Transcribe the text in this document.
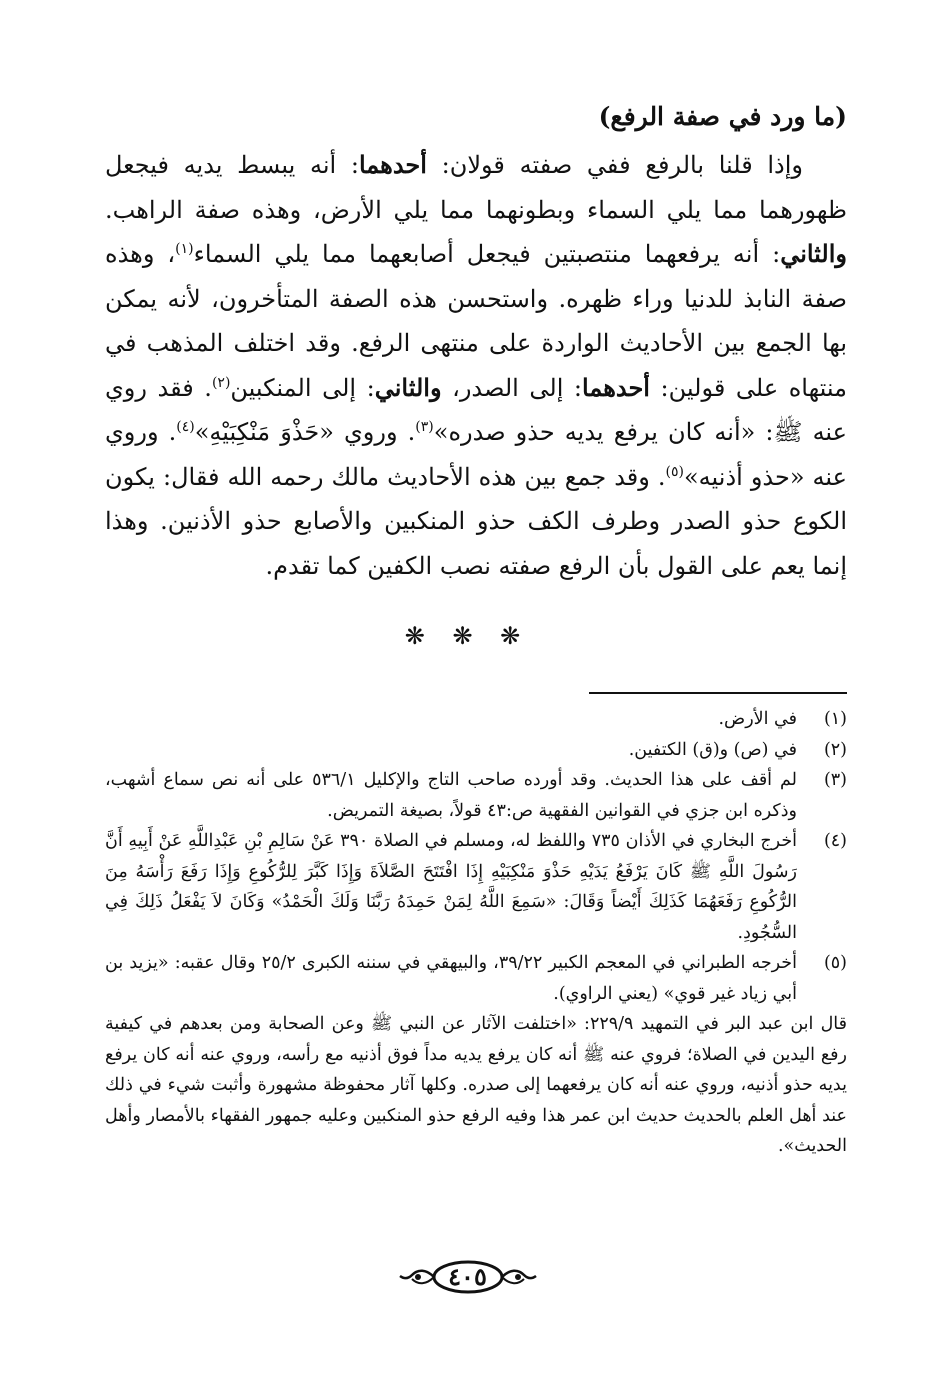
(ما ورد في صفة الرفع)

وإذا قلنا بالرفع ففي صفته قولان: أحدهما: أنه يبسط يديه فيجعل ظهورهما مما يلي السماء وبطونهما مما يلي الأرض، وهذه صفة الراهب. والثاني: أنه يرفعهما منتصبتين فيجعل أصابعهما مما يلي السماء$^{(١)}$، وهذه صفة النابذ للدنيا وراء ظهره. واستحسن هذه الصفة المتأخرون، لأنه يمكن بها الجمع بين الأحاديث الواردة على منتهى الرفع. وقد اختلف المذهب في منتهاه على قولين: أحدهما: إلى الصدر، والثاني: إلى المنكبين$^{(٢)}$. فقد روي عنه ﷺ: «أنه كان يرفع يديه حذو صدره»$^{(٣)}$. وروي «حَذْوَ مَنْكِبَيْهِ»$^{(٤)}$. وروي عنه «حذو أذنيه»$^{(٥)}$. وقد جمع بين هذه الأحاديث مالك رحمه الله فقال: يكون الكوع حذو الصدر وطرف الكف حذو المنكبين والأصابع حذو الأذنين. وهذا إنما يعم على القول بأن الرفع صفته نصب الكفين كما تقدم.

❋ ❋ ❋
(١)
في الأرض.
(٢)
في (ص) و(ق) الكتفين.
(٣)
لم أقف على هذا الحديث. وقد أورده صاحب التاج والإكليل ٥٣٦/١ على أنه نص سماع أشهب، وذكره ابن جزي في القوانين الفقهية ص:٤٣ قولاً، بصيغة التمريض.
(٤)
أخرج البخاري في الأذان ٧٣٥ واللفظ له، ومسلم في الصلاة ٣٩٠ عَنْ سَالِمِ بْنِ عَبْدِاللَّهِ عَنْ أَبِيهِ أَنَّ رَسُولَ اللَّهِ ﷺ كَانَ يَرْفَعُ يَدَيْهِ حَذْوَ مَنْكِبَيْهِ إِذَا افْتَتَحَ الصَّلاَةَ وَإِذَا كَبَّرَ لِلرُّكُوعِ وَإِذَا رَفَعَ رَأْسَهُ مِنَ الرُّكُوعِ رَفَعَهُمَا كَذَلِكَ أَيْضاً وَقَالَ: «سَمِعَ اللَّهُ لِمَنْ حَمِدَهُ رَبَّنَا وَلَكَ الْحَمْدُ» وَكَانَ لاَ يَفْعَلُ ذَلِكَ فِي السُّجُودِ.
(٥)
أخرجه الطبراني في المعجم الكبير ٣٩/٢٢، والبيهقي في سننه الكبرى ٢٥/٢ وقال عقبه: «يزيد بن أبي زياد غير قوي» (يعني الراوي).

قال ابن عبد البر في التمهيد ٢٢٩/٩: «اختلفت الآثار عن النبي ﷺ وعن الصحابة ومن بعدهم في كيفية رفع اليدين في الصلاة؛ فروي عنه ﷺ أنه كان يرفع يديه مداً فوق أذنيه مع رأسه، وروي عنه أنه كان يرفع يديه حذو أذنيه، وروي عنه أنه كان يرفعهما إلى صدره. وكلها آثار محفوظة مشهورة وأثبت شيء في ذلك عند أهل العلم بالحديث حديث ابن عمر هذا وفيه الرفع حذو المنكبين وعليه جمهور الفقهاء بالأمصار وأهل الحديث».

٤٠٥
